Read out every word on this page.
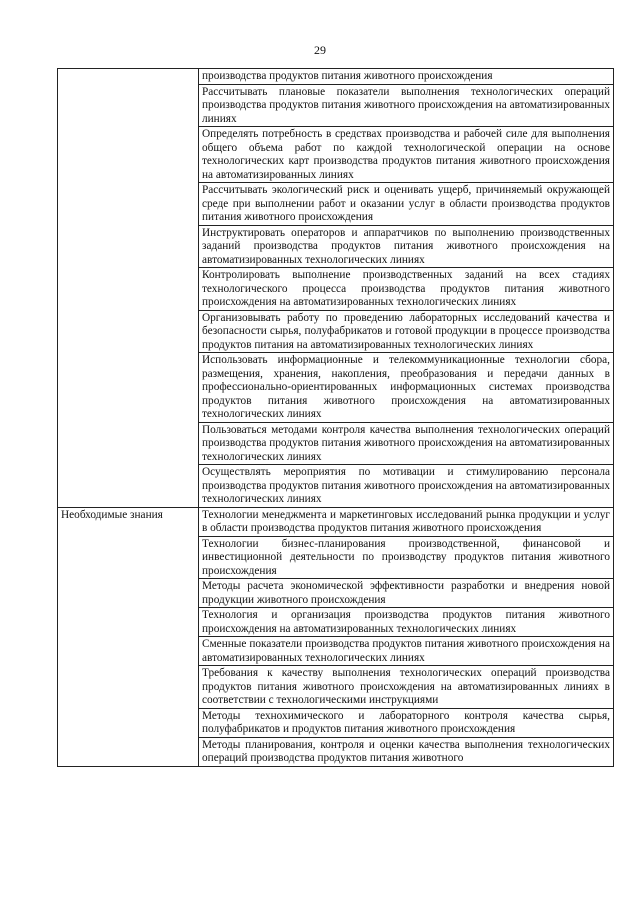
29
	производства продуктов питания животного происхождения
	Рассчитывать плановые показатели выполнения технологических операций производства продуктов питания животного происхождения на автоматизированных линиях
	Определять потребность в средствах производства и рабочей силе для выполнения общего объема работ по каждой технологической операции на основе технологических карт производства продуктов питания животного происхождения на автоматизированных линиях
	Рассчитывать экологический риск и оценивать ущерб, причиняемый окружающей среде при выполнении работ и оказании услуг в области производства продуктов питания животного происхождения
	Инструктировать операторов и аппаратчиков по выполнению производственных заданий производства продуктов питания животного происхождения на автоматизированных технологических линиях
	Контролировать выполнение производственных заданий на всех стадиях технологического процесса производства продуктов питания животного происхождения на автоматизированных технологических линиях
	Организовывать работу по проведению лабораторных исследований качества и безопасности сырья, полуфабрикатов и готовой продукции в процессе производства продуктов питания на автоматизированных технологических линиях
	Использовать информационные и телекоммуникационные технологии сбора, размещения, хранения, накопления, преобразования и передачи данных в профессионально-ориентированных информационных системах производства продуктов питания животного происхождения на автоматизированных технологических линиях
	Пользоваться методами контроля качества выполнения технологических операций производства продуктов питания животного происхождения на автоматизированных технологических линиях
	Осуществлять мероприятия по мотивации и стимулированию персонала производства продуктов питания животного происхождения на автоматизированных технологических линиях
Необходимые знания	Технологии менеджмента и маркетинговых исследований рынка продукции и услуг в области производства продуктов питания животного происхождения
	Технологии бизнес-планирования производственной, финансовой и инвестиционной деятельности по производству продуктов питания животного происхождения
	Методы расчета экономической эффективности разработки и внедрения новой продукции животного происхождения
	Технология и организация производства продуктов питания животного происхождения на автоматизированных технологических линиях
	Сменные показатели производства продуктов питания животного происхождения на автоматизированных технологических линиях
	Требования к качеству выполнения технологических операций производства продуктов питания животного происхождения на автоматизированных линиях в соответствии с технологическими инструкциями
	Методы технохимического и лабораторного контроля качества сырья, полуфабрикатов и продуктов питания животного происхождения
	Методы планирования, контроля и оценки качества выполнения технологических операций производства продуктов питания животного
